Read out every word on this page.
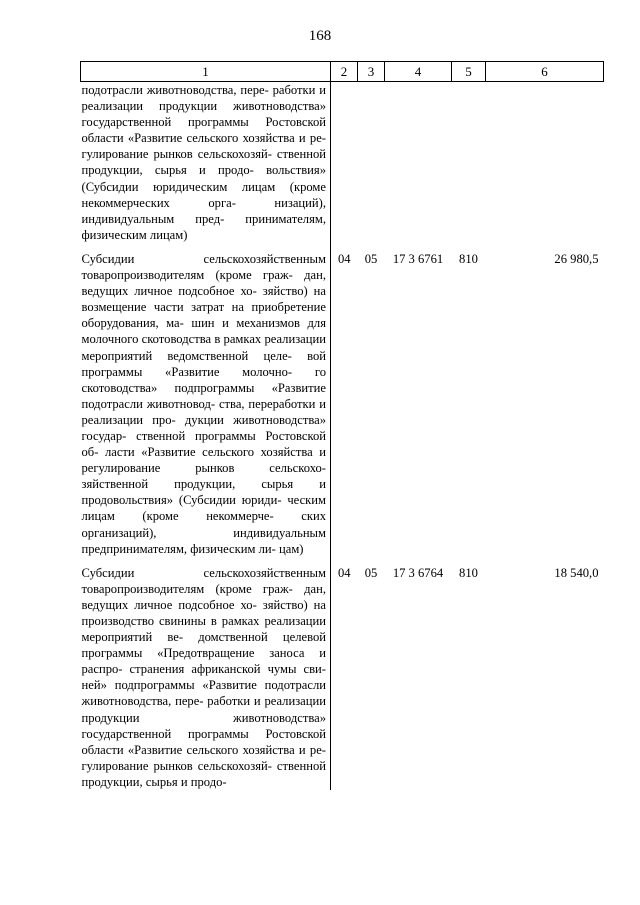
168
1	2	3	4	5	6
подотрасли животноводства, пере- работки и реализации продукции животноводства» государственной программы Ростовской области «Развитие сельского хозяйства и ре- гулирование рынков сельскохозяй- ственной продукции, сырья и продо- вольствия» (Субсидии юридическим лицам (кроме некоммерческих орга- низаций), индивидуальным пред- принимателям, физическим лицам)					
Субсидии сельскохозяйственным товаропроизводителям (кроме граж- дан, ведущих личное подсобное хо- зяйство) на возмещение части затрат на приобретение оборудования, ма- шин и механизмов для молочного скотоводства в рамках реализации мероприятий ведомственной целе- вой программы «Развитие молочно- го скотоводства» подпрограммы «Развитие подотрасли животновод- ства, переработки и реализации про- дукции животноводства» государ- ственной программы Ростовской об- ласти «Развитие сельского хозяйства и регулирование рынков сельскохо- зяйственной продукции, сырья и продовольствия» (Субсидии юриди- ческим лицам (кроме некоммерче- ских организаций), индивидуальным предпринимателям, физическим ли- цам)	04	05	17 3 6761	810	26 980,5
Субсидии сельскохозяйственным товаропроизводителям (кроме граж- дан, ведущих личное подсобное хо- зяйство) на производство свинины в рамках реализации мероприятий ве- домственной целевой программы «Предотвращение заноса и распро- странения африканской чумы сви- ней» подпрограммы «Развитие подотрасли животноводства, пере- работки и реализации продукции животноводства» государственной программы Ростовской области «Развитие сельского хозяйства и ре- гулирование рынков сельскохозяй- ственной продукции, сырья и продо-	04	05	17 3 6764	810	18 540,0
